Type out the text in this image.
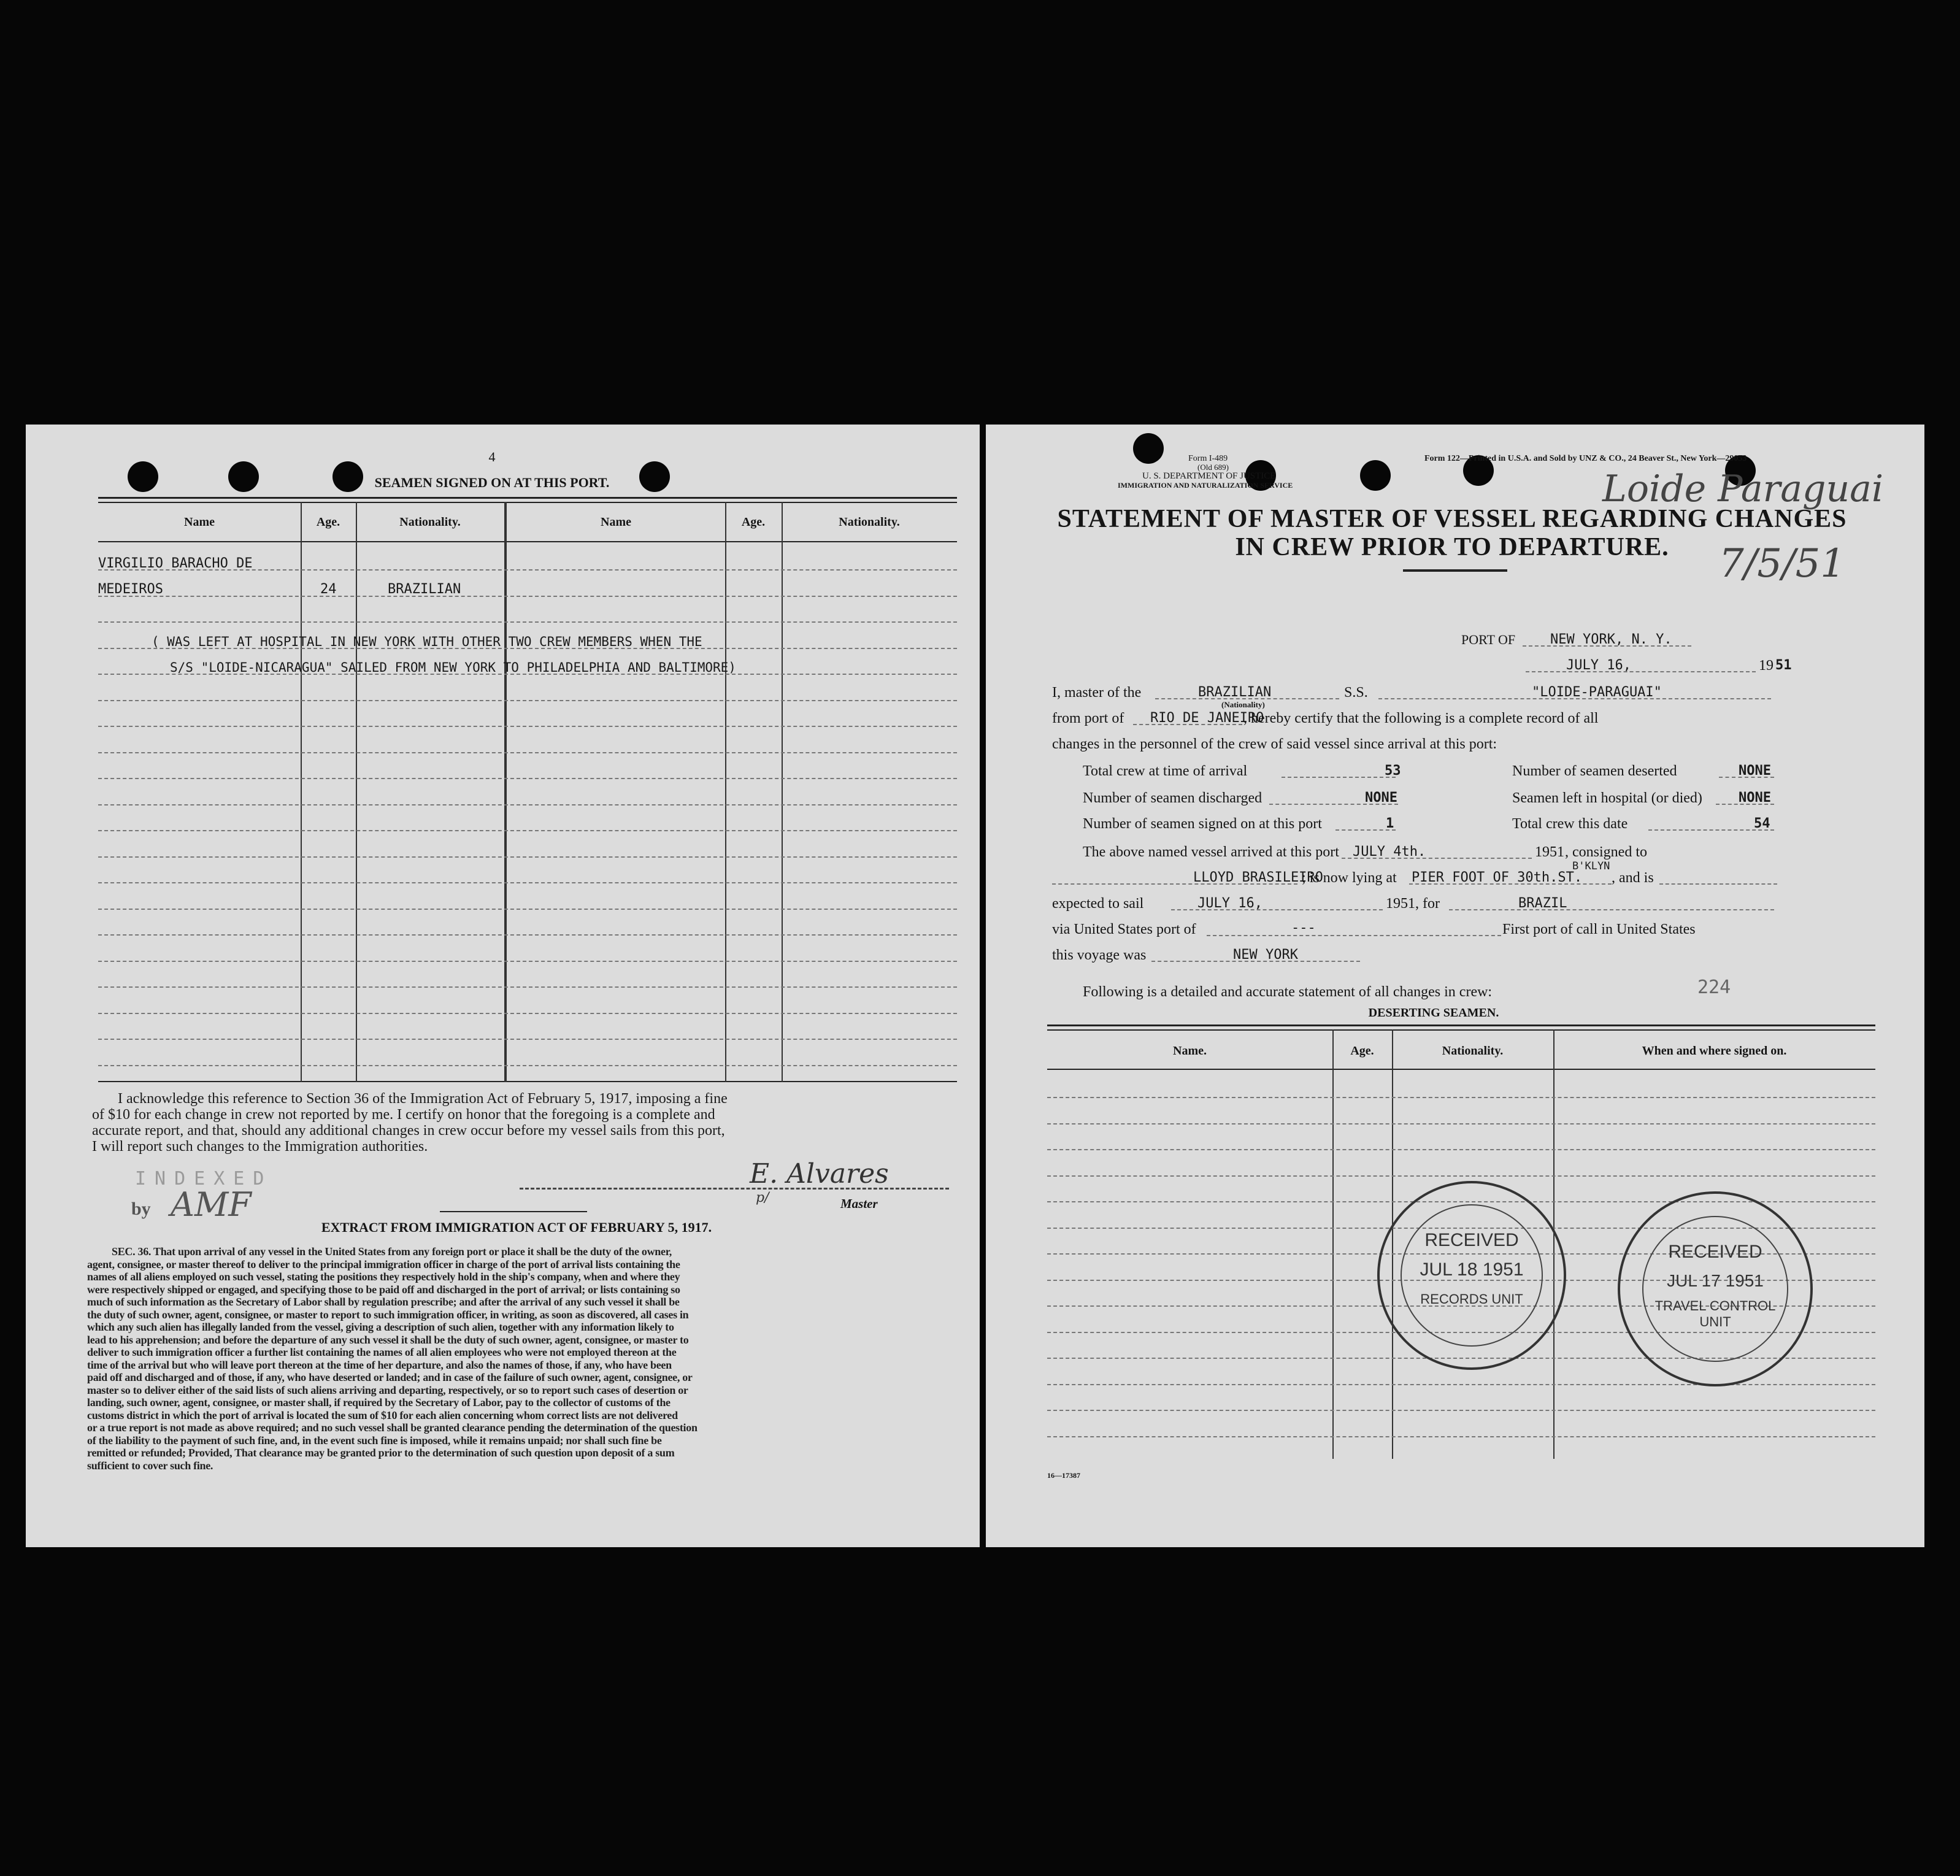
4
SEAMEN SIGNED ON AT THIS PORT.
Name	Age.	Nationality.	Name	Age.	Nationality.
VIRGILIO BARACHO DE
MEDEIROS	24	BRAZILIAN
( WAS LEFT AT HOSPITAL IN NEW YORK WITH OTHER TWO CREW MEMBERS WHEN THE
S/S "LOIDE-NICARAGUA" SAILED FROM NEW YORK TO PHILADELPHIA AND BALTIMORE)
I acknowledge this reference to Section 36 of the Immigration Act of February 5, 1917, imposing a fine
of $10 for each change in crew not reported by me. I certify on honor that the foregoing is a complete and
accurate report, and that, should any additional changes in crew occur before my vessel sails from this port,
I will report such changes to the Immigration authorities.
INDEXED
by AMF
E. Alvares
p/	Master
EXTRACT FROM IMMIGRATION ACT OF FEBRUARY 5, 1917.
SEC. 36. That upon arrival of any vessel in the United States from any foreign port or place it shall be the duty of the owner,
agent, consignee, or master thereof to deliver to the principal immigration officer in charge of the port of arrival lists containing the
names of all aliens employed on such vessel, stating the positions they respectively hold in the ship's company, when and where they
were respectively shipped or engaged, and specifying those to be paid off and discharged in the port of arrival; or lists containing so
much of such information as the Secretary of Labor shall by regulation prescribe; and after the arrival of any such vessel it shall be
the duty of such owner, agent, consignee, or master to report to such immigration officer, in writing, as soon as discovered, all cases in
which any such alien has illegally landed from the vessel, giving a description of such alien, together with any information likely to
lead to his apprehension; and before the departure of any such vessel it shall be the duty of such owner, agent, consignee, or master to
deliver to such immigration officer a further list containing the names of all alien employees who were not employed thereon at the
time of the arrival but who will leave port thereon at the time of her departure, and also the names of those, if any, who have been
paid off and discharged and of those, if any, who have deserted or landed; and in case of the failure of such owner, agent, consignee, or
master so to deliver either of the said lists of such aliens arriving and departing, respectively, or so to report such cases of desertion or
landing, such owner, agent, consignee, or master shall, if required by the Secretary of Labor, pay to the collector of customs of the
customs district in which the port of arrival is located the sum of $10 for each alien concerning whom correct lists are not delivered
or a true report is not made as above required; and no such vessel shall be granted clearance pending the determination of the question
of the liability to the payment of such fine, and, in the event such fine is imposed, while it remains unpaid; nor shall such fine be
remitted or refunded; Provided, That clearance may be granted prior to the determination of such question upon deposit of a sum
sufficient to cover such fine.
Form I-489
(Old 689)
U. S. DEPARTMENT OF JUSTICE
IMMIGRATION AND NATURALIZATION SERVICE
Form 122—Printed in U.S.A. and Sold by UNZ & CO., 24 Beaver St., New York—29053
Loide Paraguai
7/5/51
STATEMENT OF MASTER OF VESSEL REGARDING CHANGES
IN CREW PRIOR TO DEPARTURE.
PORT OF	NEW YORK, N. Y.
JULY 16,	19 51
I, master of the	BRAZILIAN
(Nationality)
S.S.	"LOIDE-PARAGUAI"
from port of RIO DE JANEIRO
, hereby certify that the following is a complete record of all
changes in the personnel of the crew of said vessel since arrival at this port:
Total crew at time of arrival	53	Number of seamen deserted	NONE
Number of seamen discharged	NONE	Seamen left in hospital (or died)	NONE
Number of seamen signed on at this port	1	Total crew this date	54
The above named vessel arrived at this port JULY 4th.	1951 , consigned to
LLOYD BRASILEIRO
; is now lying at PIER FOOT OF 30th.ST.
B'KLYN
, and is
expected to sail	JULY 16,	1951 , for	BRAZIL
via United States port of	---	First port of call in United States
this voyage was	NEW YORK
Following is a detailed and accurate statement of all changes in crew:	224
DESERTING SEAMEN.
Name.	Age.	Nationality.	When and where signed on.
RECEIVED
JUL 18 1951
RECORDS UNIT
RECEIVED
JUL 17 1951
TRAVEL CONTROL
UNIT
16—17387
